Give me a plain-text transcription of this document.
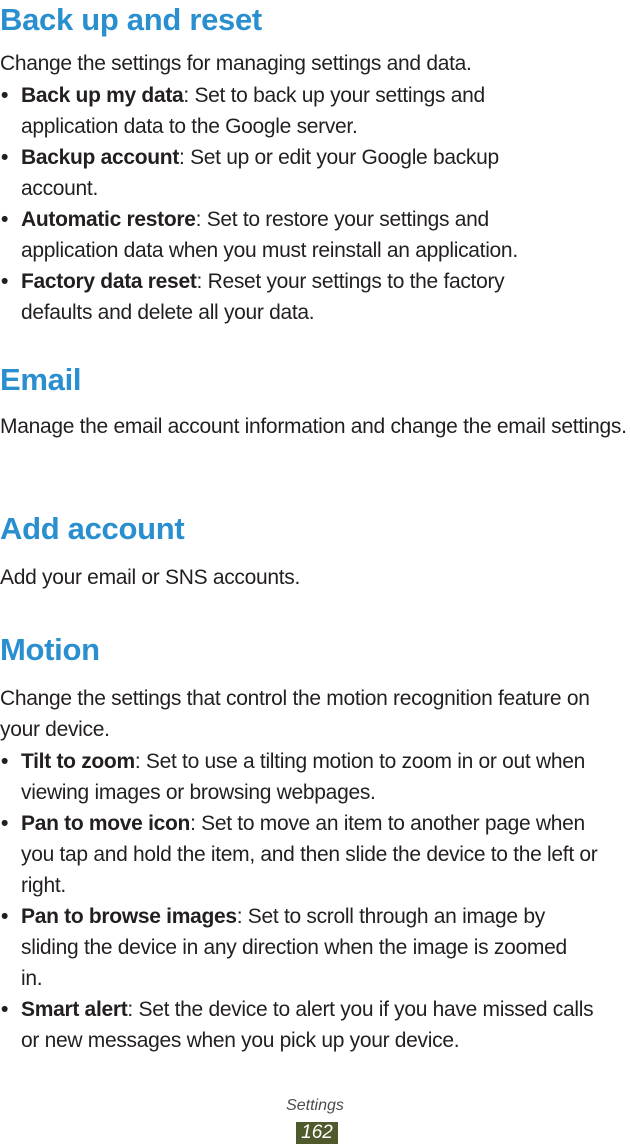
Back up and reset

Change the settings for managing settings and data.

• Back up my data: Set to back up your settings and application data to the Google server.
• Backup account: Set up or edit your Google backup account.
• Automatic restore: Set to restore your settings and application data when you must reinstall an application.
• Factory data reset: Reset your settings to the factory defaults and delete all your data.
Email

Manage the email account information and change the email settings.

Add account

Add your email or SNS accounts.

Motion

Change the settings that control the motion recognition feature on your device.

• Tilt to zoom: Set to use a tilting motion to zoom in or out when viewing images or browsing webpages.
• Pan to move icon: Set to move an item to another page when you tap and hold the item, and then slide the device to the left or right.
• Pan to browse images: Set to scroll through an image by sliding the device in any direction when the image is zoomed in.
• Smart alert: Set the device to alert you if you have missed calls or new messages when you pick up your device.
Settings
162
